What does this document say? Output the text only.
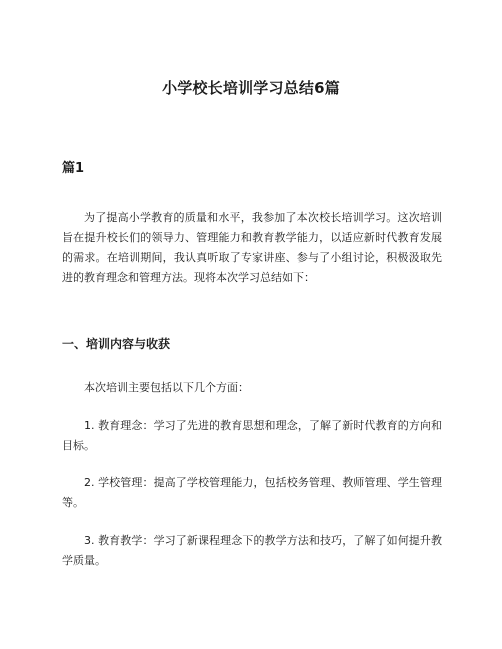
小学校长培训学习总结6篇
篇1

为了提高小学教育的质量和水平，我参加了本次校长培训学习。这次培训旨在提升校长们的领导力、管理能力和教育教学能力，以适应新时代教育发展的需求。在培训期间，我认真听取了专家讲座、参与了小组讨论，积极汲取先进的教育理念和管理方法。现将本次学习总结如下：

一、培训内容与收获

本次培训主要包括以下几个方面：

1. 教育理念：学习了先进的教育思想和理念，了解了新时代教育的方向和目标。

2. 学校管理：提高了学校管理能力，包括校务管理、教师管理、学生管理等。

3. 教育教学：学习了新课程理念下的教学方法和技巧，了解了如何提升教学质量。
